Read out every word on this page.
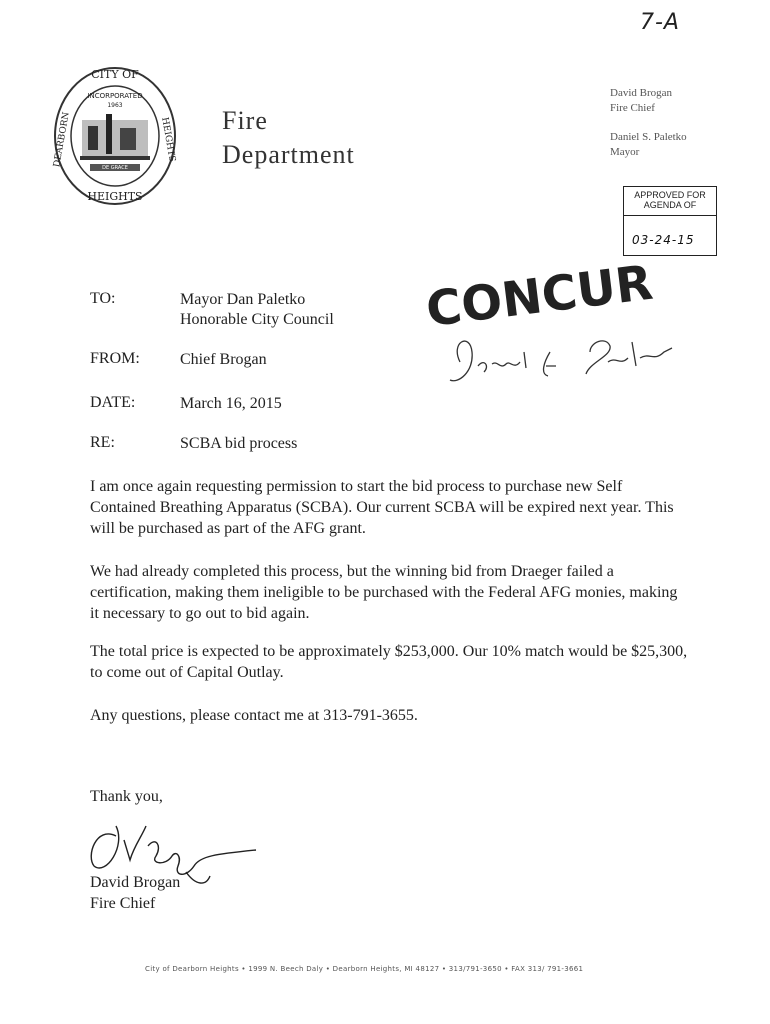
7-A
INCORPORATED
1963
DE GRACE
CITY OF
DEARBORN	HEIGHTS
HEIGHTS
Fire
Department
David Brogan
Fire Chief
Daniel S. Paletko
Mayor
APPROVED FOR AGENDA OF
03-24-15
TO:	Mayor Dan Paletko
Honorable City Council
FROM:	Chief Brogan
DATE:	March 16, 2015
RE:	SCBA bid process
CONCUR
I am once again requesting permission to start the bid process to purchase new Self Contained Breathing Apparatus (SCBA). Our current SCBA will be expired next year. This will be purchased as part of the AFG grant.
We had already completed this process, but the winning bid from Draeger failed a certification, making them ineligible to be purchased with the Federal AFG monies, making it necessary to go out to bid again.
The total price is expected to be approximately $253,000. Our 10% match would be $25,300, to come out of Capital Outlay.
Any questions, please contact me at 313-791-3655.
Thank you,
David Brogan
Fire Chief
City of Dearborn Heights • 1999 N. Beech Daly • Dearborn Heights, MI 48127 • 313/791-3650 • FAX 313/ 791-3661
